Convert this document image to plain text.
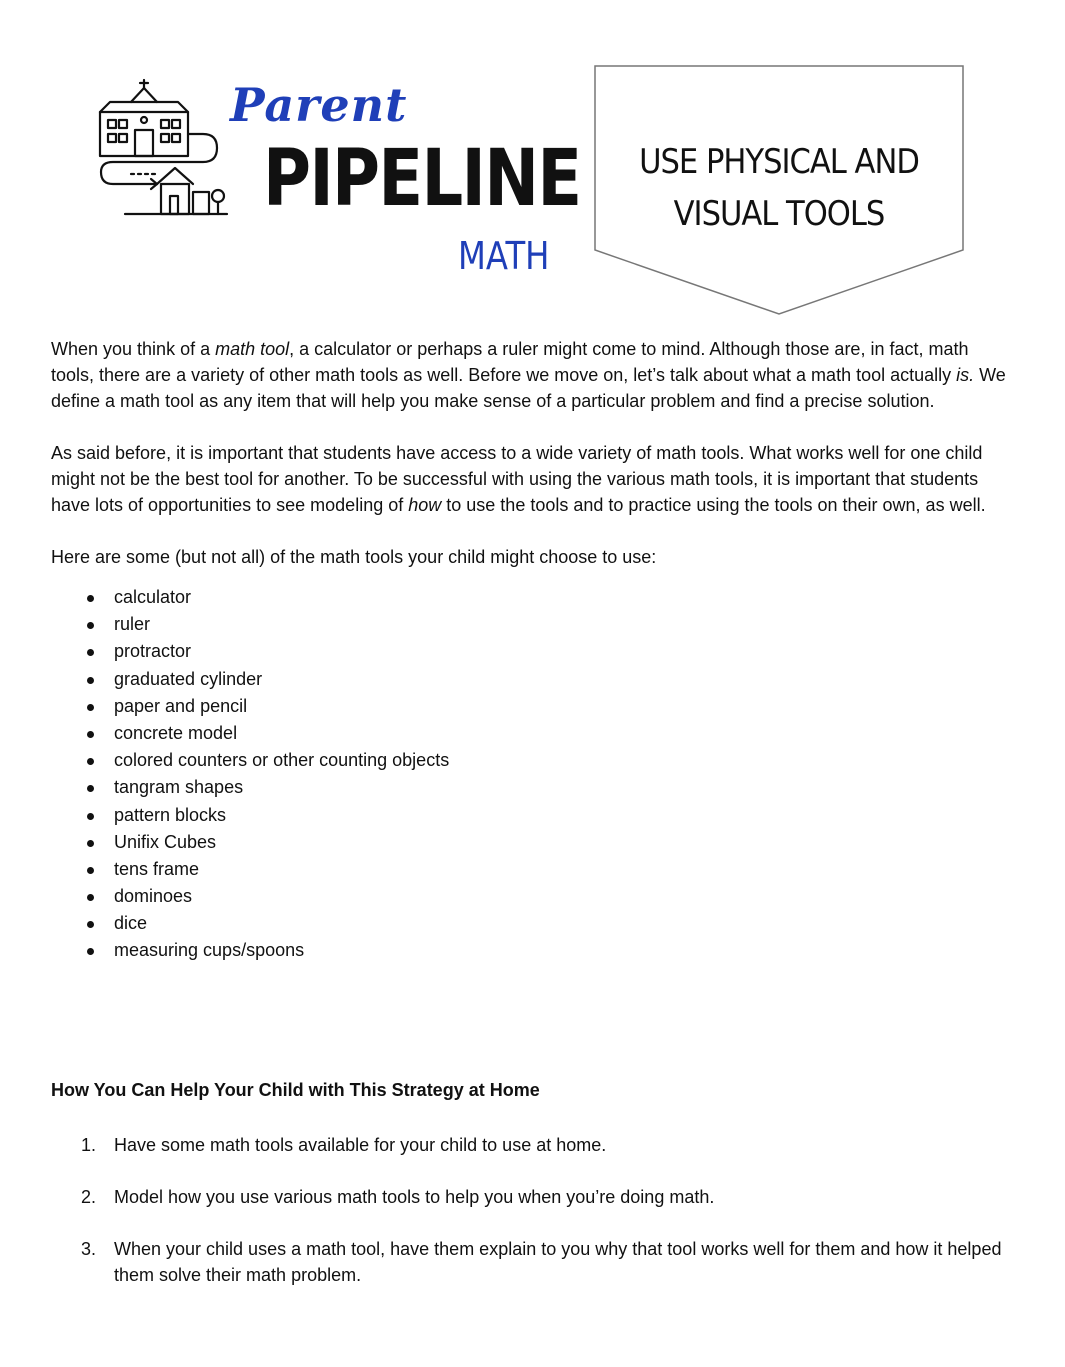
Parent
PIPELINE
MATH
USE PHYSICAL AND
VISUAL TOOLS

When you think of a math tool, a calculator or perhaps a ruler might come to mind. Although those are, in fact, math tools, there are a variety of other math tools as well. Before we move on, let’s talk about what a math tool actually is. We define a math tool as any item that will help you make sense of a particular problem and find a precise solution.

As said before, it is important that students have access to a wide variety of math tools. What works well for one child might not be the best tool for another. To be successful with using the various math tools, it is important that students have lots of opportunities to see modeling of how to use the tools and to practice using the tools on their own, as well.

Here are some (but not all) of the math tools your child might choose to use:

calculator
ruler
protractor
graduated cylinder
paper and pencil
concrete model
colored counters or other counting objects
tangram shapes
pattern blocks
Unifix Cubes
tens frame
dominoes
dice
measuring cups/spoons
How You Can Help Your Child with This Strategy at Home
1. Have some math tools available for your child to use at home.
2. Model how you use various math tools to help you when you’re doing math.
3. When your child uses a math tool, have them explain to you why that tool works well for them and how it helped them solve their math problem.
